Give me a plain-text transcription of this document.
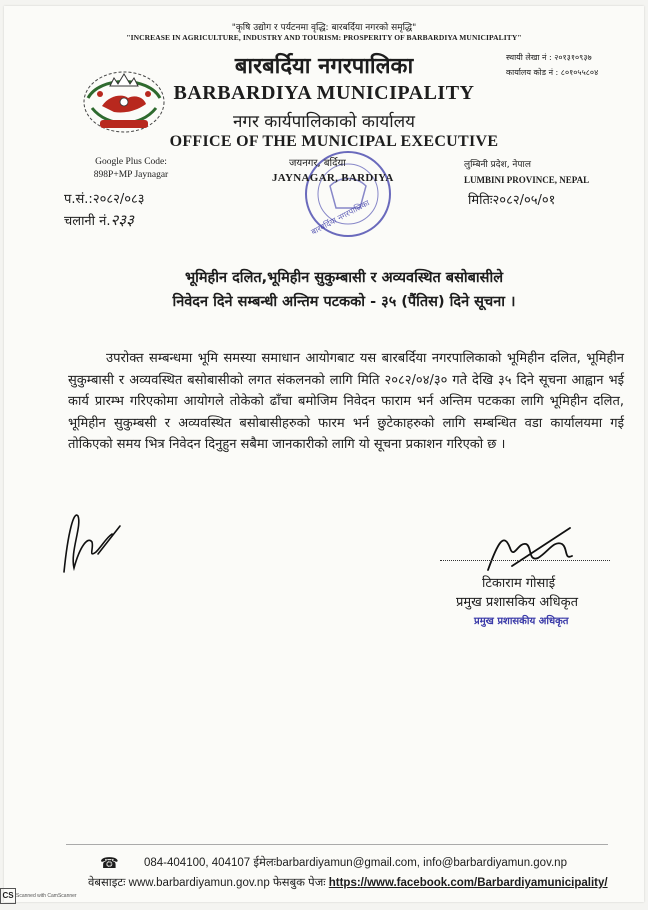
"कृषि उद्योग र पर्यटनमा वृद्धि: बारबर्दिया नगरको समृद्धि"
"INCREASE IN AGRICULTURE, INDUSTRY AND TOURISM: PROSPERITY OF BARBARDIYA MUNICIPALITY"
बारबर्दिया नगरपालिका
BARBARDIYA MUNICIPALITY
नगर कार्यपालिकाको कार्यालय
OFFICE OF THE MUNICIPAL EXECUTIVE
स्थायी लेखा नं : २०१३१०९३७
कार्यालय कोड नं : ८०१०५५८०४
Google Plus Code:
898P+MP Jaynagar
बारबर्दिया नगरपालिका
जयनगर, बर्दिया
JAYNAGAR, BARDIYA
लुम्बिनी प्रदेश, नेपाल
LUMBINI PROVINCE, NEPAL
मितिः२०८२/०५/०१
प.सं.:२०८२/०८३
चलानी नं.२३३
भूमिहीन दलित,भूमिहीन सुकुम्बासी र अव्यवस्थित बसोबासीले
निवेदन दिने सम्बन्धी अन्तिम पटकको - ३५ (पैंतिस) दिने सूचना ।
उपरोक्त सम्बन्धमा भूमि समस्या समाधान आयोगबाट यस बारबर्दिया नगरपालिकाको भूमिहीन दलित, भूमिहीन सुकुम्बासी र अव्यवस्थित बसोबासीको लगत संकलनको लागि मिति २०८२/०४/३० गते देखि ३५ दिने सूचना आह्वान भई कार्य प्रारम्भ गरिएकोमा आयोगले तोकेको ढाँचा बमोजिम निवेदन फाराम भर्न अन्तिम पटकका लागि भूमिहीन दलित, भूमिहीन सुकुम्बसी र अव्यवस्थित बसोबासीहरुको फारम भर्न छुटेकाहरुको लागि सम्बन्धित वडा कार्यालयमा गई तोकिएको समय भित्र निवेदन दिनुहुन सबैमा जानकारीको लागि यो सूचना प्रकाशन गरिएको छ ।
टिकाराम गोसाई
प्रमुख प्रशासकिय अधिकृत
प्रमुख प्रशासकीय अधिकृत
☎ 084-404100, 404107 ईमेलःbarbardiyamun@gmail.com, info@barbardiyamun.gov.np
वेबसाइटः www.barbardiyamun.gov.np फेसबुक पेजः https://www.facebook.com/Barbardiyamunicipality/
CS Scanned with CamScanner
